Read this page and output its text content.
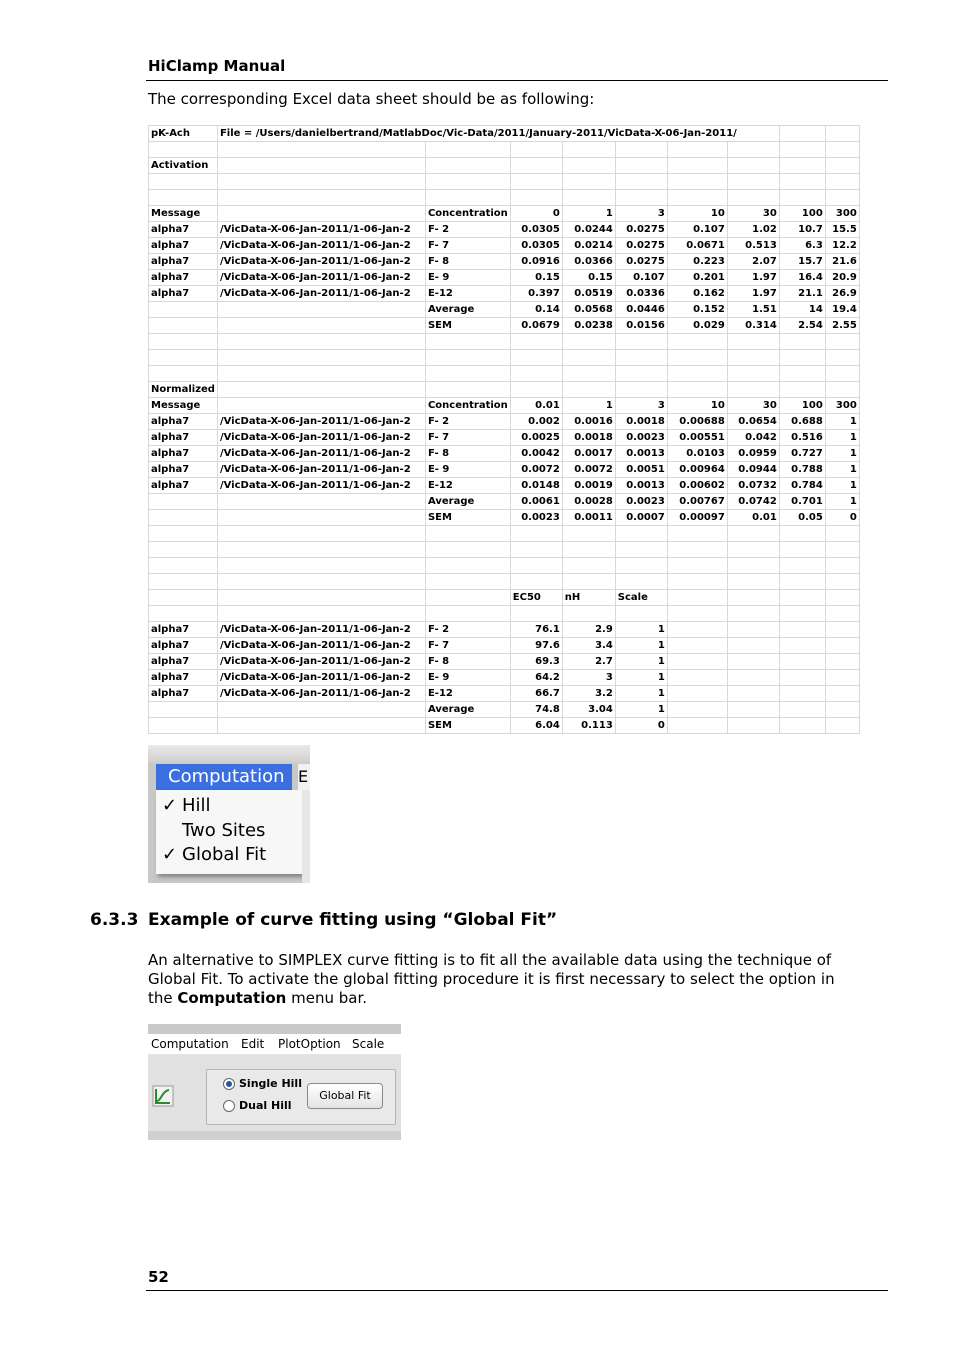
HiClamp Manual
The corresponding Excel data sheet should be as following:
pK-Ach	File = /Users/danielbertrand/MatlabDoc/Vic-Data/2011/January-2011/VicData-X-06-Jan-2011/								

Activation									

Message		Concentration	0	1	3	10	30	100	300
alpha7	/VicData-X-06-Jan-2011/1-06-Jan-2	F- 2	0.0305	0.0244	0.0275	0.107	1.02	10.7	15.5
alpha7	/VicData-X-06-Jan-2011/1-06-Jan-2	F- 7	0.0305	0.0214	0.0275	0.0671	0.513	6.3	12.2
alpha7	/VicData-X-06-Jan-2011/1-06-Jan-2	F- 8	0.0916	0.0366	0.0275	0.223	2.07	15.7	21.6
alpha7	/VicData-X-06-Jan-2011/1-06-Jan-2	E- 9	0.15	0.15	0.107	0.201	1.97	16.4	20.9
alpha7	/VicData-X-06-Jan-2011/1-06-Jan-2	E-12	0.397	0.0519	0.0336	0.162	1.97	21.1	26.9
		Average	0.14	0.0568	0.0446	0.152	1.51	14	19.4
		SEM	0.0679	0.0238	0.0156	0.029	0.314	2.54	2.55

Normalized									
Message		Concentration	0.01	1	3	10	30	100	300
alpha7	/VicData-X-06-Jan-2011/1-06-Jan-2	F- 2	0.002	0.0016	0.0018	0.00688	0.0654	0.688	1
alpha7	/VicData-X-06-Jan-2011/1-06-Jan-2	F- 7	0.0025	0.0018	0.0023	0.00551	0.042	0.516	1
alpha7	/VicData-X-06-Jan-2011/1-06-Jan-2	F- 8	0.0042	0.0017	0.0013	0.0103	0.0959	0.727	1
alpha7	/VicData-X-06-Jan-2011/1-06-Jan-2	E- 9	0.0072	0.0072	0.0051	0.00964	0.0944	0.788	1
alpha7	/VicData-X-06-Jan-2011/1-06-Jan-2	E-12	0.0148	0.0019	0.0013	0.00602	0.0732	0.784	1
		Average	0.0061	0.0028	0.0023	0.00767	0.0742	0.701	1
		SEM	0.0023	0.0011	0.0007	0.00097	0.01	0.05	0

			EC50	nH	Scale				

alpha7	/VicData-X-06-Jan-2011/1-06-Jan-2	F- 2	76.1	2.9	1				
alpha7	/VicData-X-06-Jan-2011/1-06-Jan-2	F- 7	97.6	3.4	1				
alpha7	/VicData-X-06-Jan-2011/1-06-Jan-2	F- 8	69.3	2.7	1				
alpha7	/VicData-X-06-Jan-2011/1-06-Jan-2	E- 9	64.2	3	1				
alpha7	/VicData-X-06-Jan-2011/1-06-Jan-2	E-12	66.7	3.2	1				
		Average	74.8	3.04	1				
		SEM	6.04	0.113	0				
Computation E
✓ Hill
Two Sites
✓ Global Fit
6.3.3 Example of curve fitting using “Global Fit”
An alternative to SIMPLEX curve fitting is to fit all the available data using the technique of Global Fit. To activate the global fitting procedure it is first necessary to select the option in the Computation menu bar.
Computation Edit PlotOption Scale
Single Hill
Dual Hill
Global Fit
52
